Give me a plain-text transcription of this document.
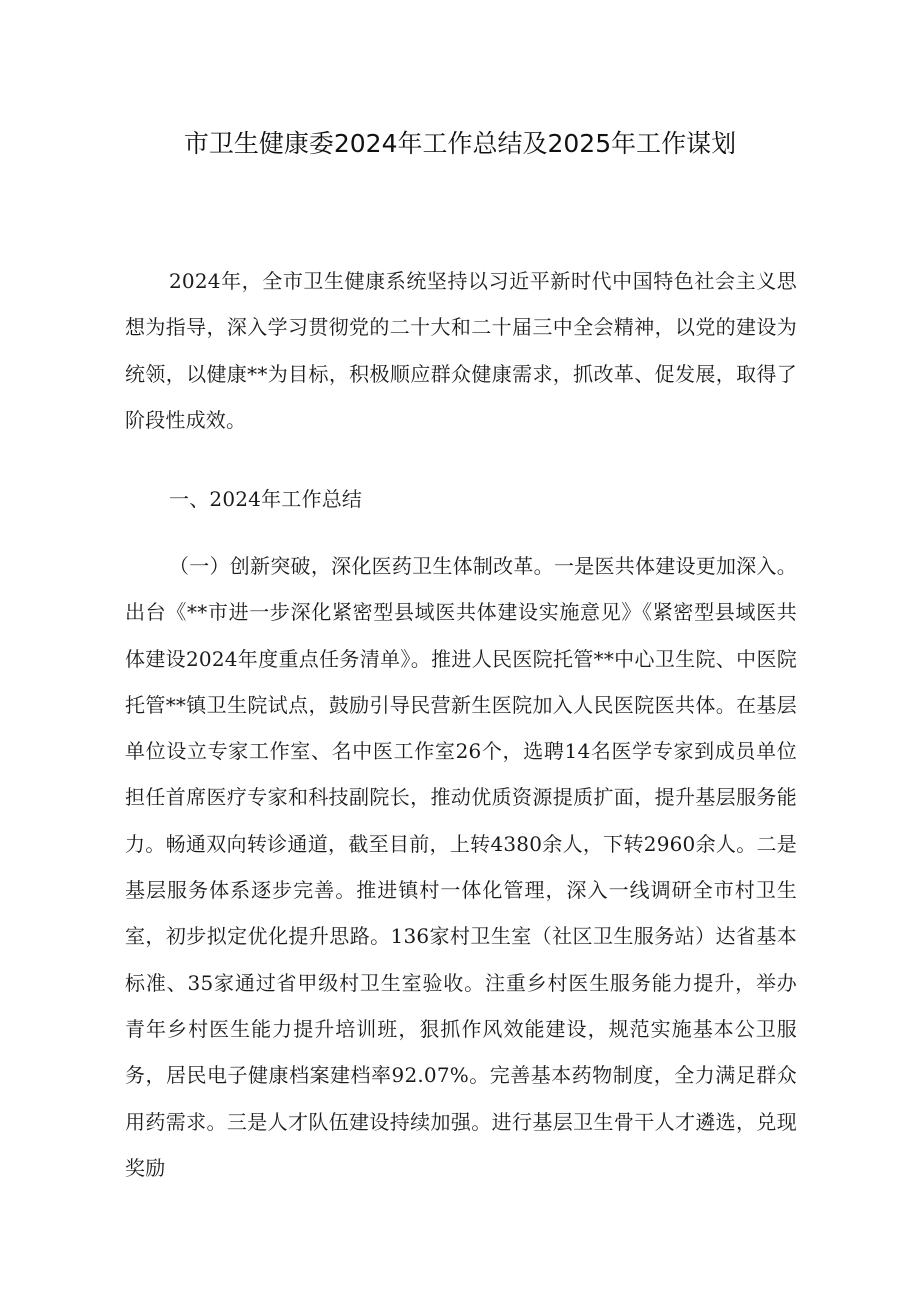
市卫生健康委2024年工作总结及2025年工作谋划

2024年，全市卫生健康系统坚持以习近平新时代中国特色社会主义思想为指导，深入学习贯彻党的二十大和二十届三中全会精神，以党的建设为统领，以健康**为目标，积极顺应群众健康需求，抓改革、促发展，取得了阶段性成效。

一、2024年工作总结

（一）创新突破，深化医药卫生体制改革。一是医共体建设更加深入。出台《**市进一步深化紧密型县域医共体建设实施意见》《紧密型县域医共体建设2024年度重点任务清单》。推进人民医院托管**中心卫生院、中医院托管**镇卫生院试点，鼓励引导民营新生医院加入人民医院医共体。在基层单位设立专家工作室、名中医工作室26个，选聘14名医学专家到成员单位担任首席医疗专家和科技副院长，推动优质资源提质扩面，提升基层服务能力。畅通双向转诊通道，截至目前，上转4380余人，下转2960余人。二是基层服务体系逐步完善。推进镇村一体化管理，深入一线调研全市村卫生室，初步拟定优化提升思路。136家村卫生室（社区卫生服务站）达省基本标准、35家通过省甲级村卫生室验收。注重乡村医生服务能力提升，举办青年乡村医生能力提升培训班，狠抓作风效能建设，规范实施基本公卫服务，居民电子健康档案建档率92.07%。完善基本药物制度，全力满足群众用药需求。三是人才队伍建设持续加强。进行基层卫生骨干人才遴选，兑现奖励
